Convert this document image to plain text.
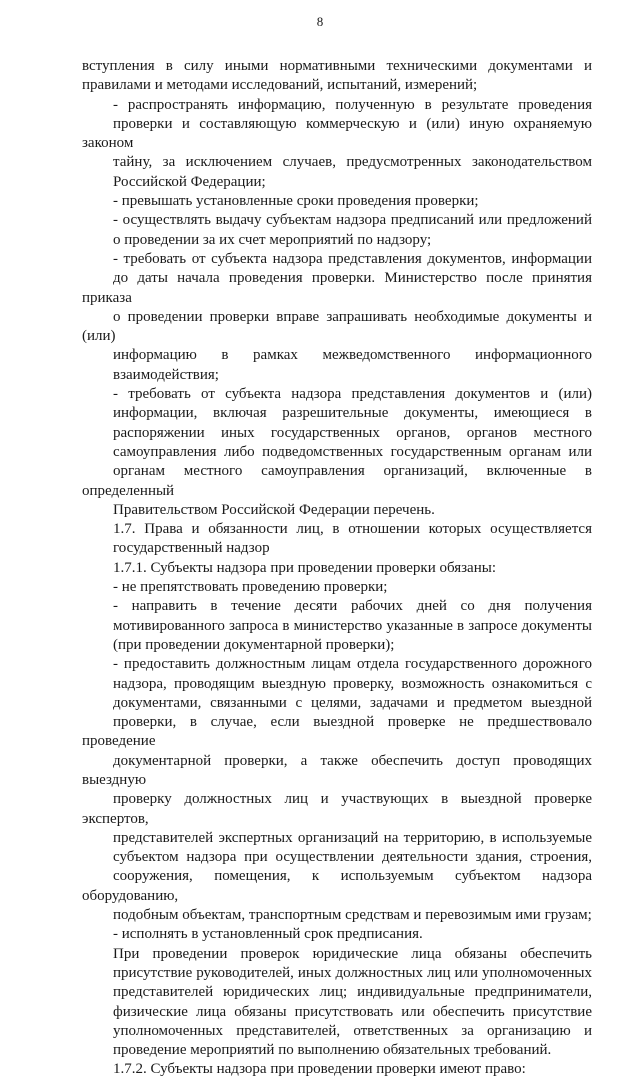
8

вступления в силу иными нормативными техническими документами и
правилами и методами исследований, испытаний, измерений;

- распространять информацию, полученную в результате проведения
проверки и составляющую коммерческую и (или) иную охраняемую законом
тайну, за исключением случаев, предусмотренных законодательством
Российской Федерации;

- превышать установленные сроки проведения проверки;

- осуществлять выдачу субъектам надзора предписаний или предложений
о проведении за их счет мероприятий по надзору;

- требовать от субъекта надзора представления документов, информации
до даты начала проведения проверки. Министерство после принятия приказа
о проведении проверки вправе запрашивать необходимые документы и (или)
информацию в рамках межведомственного информационного
взаимодействия;

- требовать от субъекта надзора представления документов и (или)
информации, включая разрешительные документы, имеющиеся в
распоряжении иных государственных органов, органов местного
самоуправления либо подведомственных государственным органам или
органам местного самоуправления организаций, включенные в определенный
Правительством Российской Федерации перечень.

1.7. Права и обязанности лиц, в отношении которых осуществляется
государственный надзор

1.7.1. Субъекты надзора при проведении проверки обязаны:

- не препятствовать проведению проверки;

- направить в течение десяти рабочих дней со дня получения
мотивированного запроса в министерство указанные в запросе документы
(при проведении документарной проверки);

- предоставить должностным лицам отдела государственного дорожного
надзора, проводящим выездную проверку, возможность ознакомиться с
документами, связанными с целями, задачами и предметом выездной
проверки, в случае, если выездной проверке не предшествовало проведение
документарной проверки, а также обеспечить доступ проводящих выездную
проверку должностных лиц и участвующих в выездной проверке экспертов,
представителей экспертных организаций на территорию, в используемые
субъектом надзора при осуществлении деятельности здания, строения,
сооружения, помещения, к используемым субъектом надзора оборудованию,
подобным объектам, транспортным средствам и перевозимым ими грузам;

- исполнять в установленный срок предписания.

При проведении проверок юридические лица обязаны обеспечить
присутствие руководителей, иных должностных лиц или уполномоченных
представителей юридических лиц; индивидуальные предприниматели,
физические лица обязаны присутствовать или обеспечить присутствие
уполномоченных представителей, ответственных за организацию и
проведение мероприятий по выполнению обязательных требований.

1.7.2. Субъекты надзора при проведении проверки имеют право:
